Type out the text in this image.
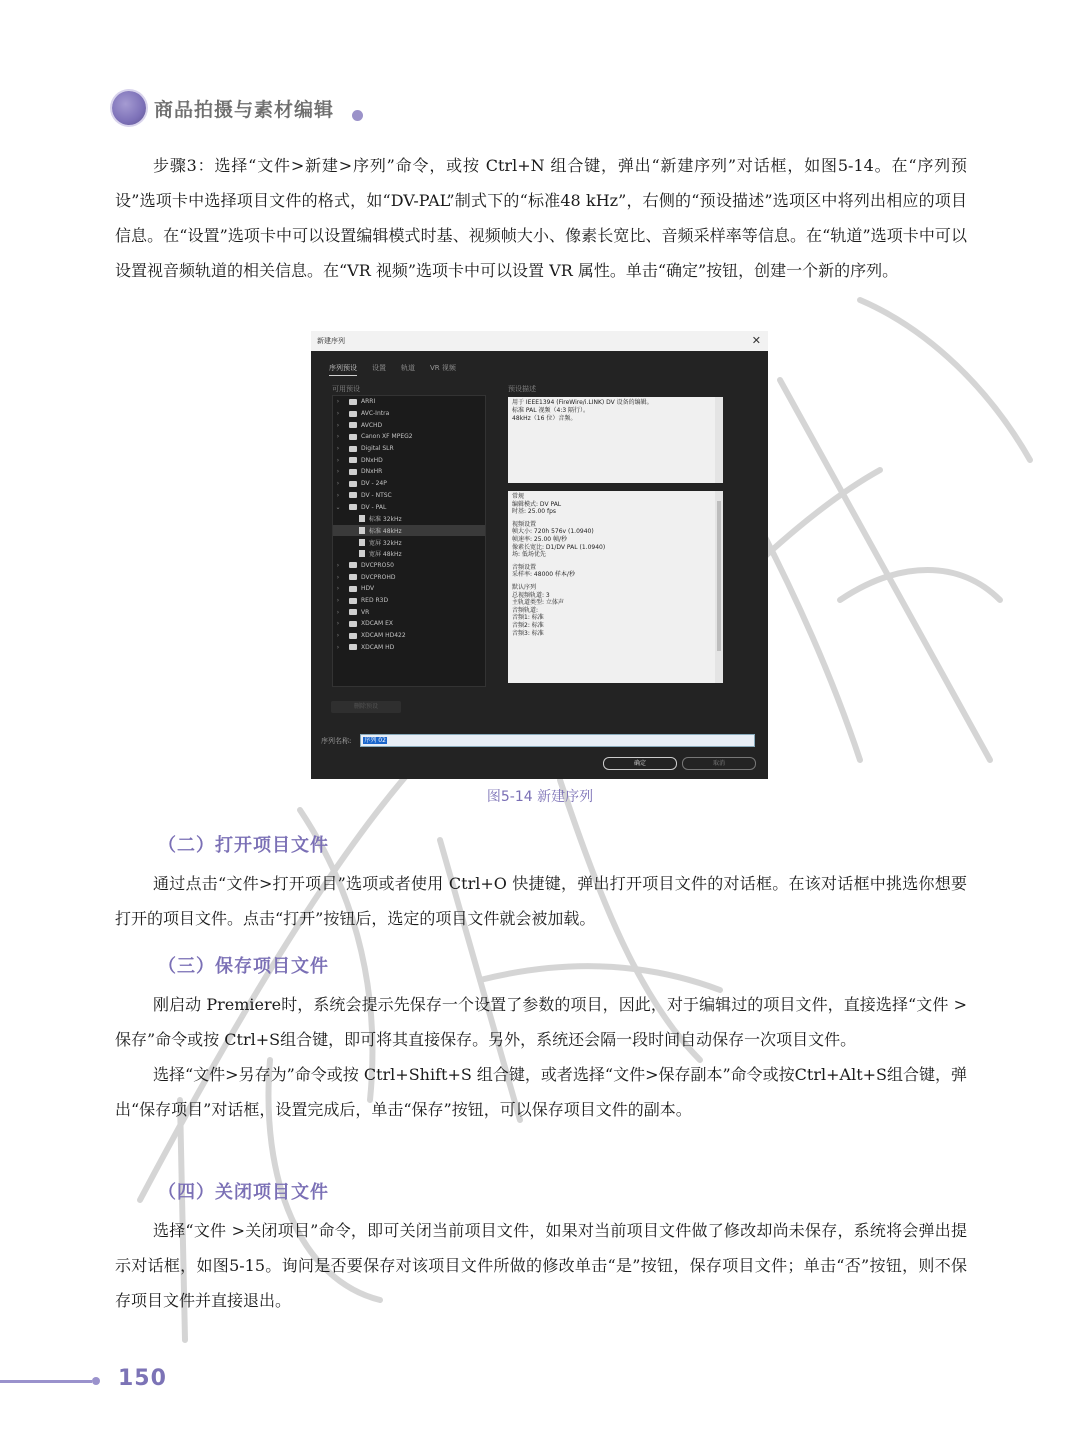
商品拍摄与素材编辑

步骤3：选择“文件>新建>序列”命令，或按 Ctrl+N 组合键，弹出“新建序列”对话框，如图5-14。在“序列预设”选项卡中选择项目文件的格式，如“DV-PAL”制式下的“标准48 kHz”，右侧的“预设描述”选项区中将列出相应的项目信息。在“设置”选项卡中可以设置编辑模式时基、视频帧大小、像素长宽比、音频采样率等信息。在“轨道”选项卡中可以设置视音频轨道的相关信息。在“VR 视频”选项卡中可以设置 VR 属性。单击“确定”按钮，创建一个新的序列。

新建序列	✕
序列预设 设置 轨道 VR 视频
可用预设	预设描述
›	ARRI
›	AVC-Intra
›	AVCHD
›	Canon XF MPEG2
›	Digital SLR
›	DNxHD
›	DNxHR
›	DV - 24P
›	DV - NTSC
⌄	DV - PAL
标准 32kHz
标准 48kHz
宽屏 32kHz
宽屏 48kHz
›	DVCPRO50
›	DVCPROHD
›	HDV
›	RED R3D
›	VR
›	XDCAM EX
›	XDCAM HD422
›	XDCAM HD
用于 IEEE1394 (FireWire/i.LINK) DV 设备的编辑。
标准 PAL 视频（4:3 隔行）。
48kHz（16 位）音频。
常规
编辑模式: DV PAL
时基: 25.00 fps
视频设置
帧大小: 720h 576v (1.0940)
帧速率: 25.00 帧/秒
像素长宽比: D1/DV PAL (1.0940)
场: 低场优先
音频设置
采样率: 48000 样本/秒
默认序列
总视频轨道: 3
主轨道类型: 立体声
音频轨道:
音频1: 标准
音频2: 标准
音频3: 标准
删除预设
序列名称:	序列 02
确定	取消
图5-14 新建序列
（二）打开项目文件

通过点击“文件>打开项目”选项或者使用 Ctrl+O 快捷键，弹出打开项目文件的对话框。在该对话框中挑选你想要打开的项目文件。点击“打开”按钮后，选定的项目文件就会被加载。

（三）保存项目文件

刚启动 Premiere时，系统会提示先保存一个设置了参数的项目，因此，对于编辑过的项目文件，直接选择“文件 >保存”命令或按 Ctrl+S组合键，即可将其直接保存。另外，系统还会隔一段时间自动保存一次项目文件。

选择“文件>另存为”命令或按 Ctrl+Shift+S 组合键，或者选择“文件>保存副本”命令或按Ctrl+Alt+S组合键，弹出“保存项目”对话框，设置完成后，单击“保存”按钮，可以保存项目文件的副本。

（四）关闭项目文件

选择“文件 >关闭项目”命令，即可关闭当前项目文件，如果对当前项目文件做了修改却尚未保存，系统将会弹出提示对话框，如图5-15。询问是否要保存对该项目文件所做的修改单击“是”按钮，保存项目文件；单击“否”按钮，则不保存项目文件并直接退出。

150
